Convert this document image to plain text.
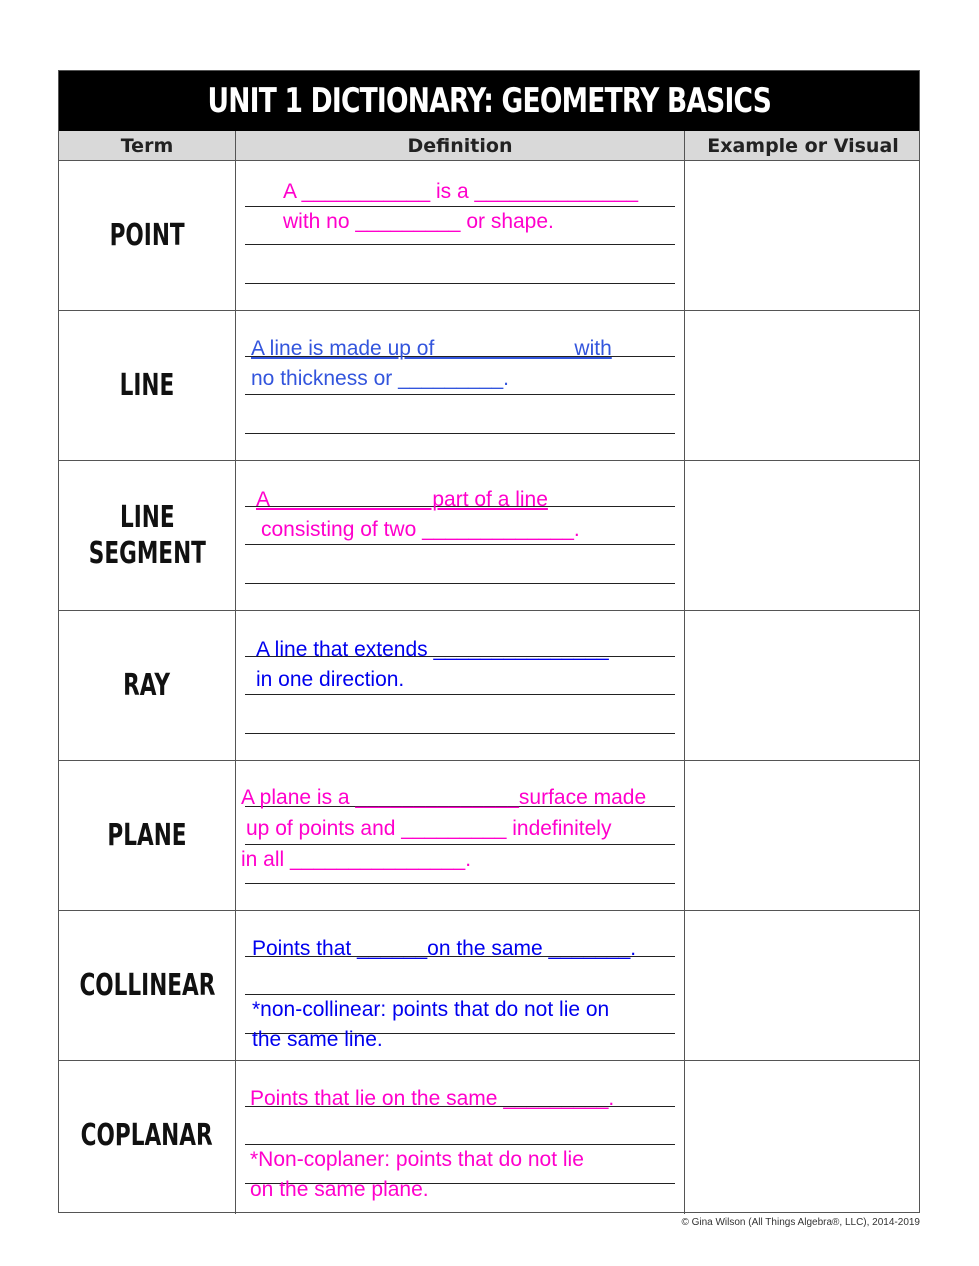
UNIT 1 DICTIONARY: GEOMETRY BASICS
Term	Definition	Example or Visual
POINT
A ___________ is a ______________
with no _________ or shape.
LINE
A line is made up of ___________ with
no thickness or _________.
LINE
SEGMENT
A _____________ part of a line
consisting of two _____________.
RAY
A line that extends _______________
in one direction.
PLANE
A plane is a ______________surface made
up of points and _________ indefinitely
in all _______________.
COLLINEAR
Points that ______on the same _______.
*non-collinear: points that do not lie on
the same line.
COPLANAR
Points that lie on the same _________.
*Non-coplaner: points that do not lie
on the same plane.
© Gina Wilson (All Things Algebra®, LLC), 2014-2019
